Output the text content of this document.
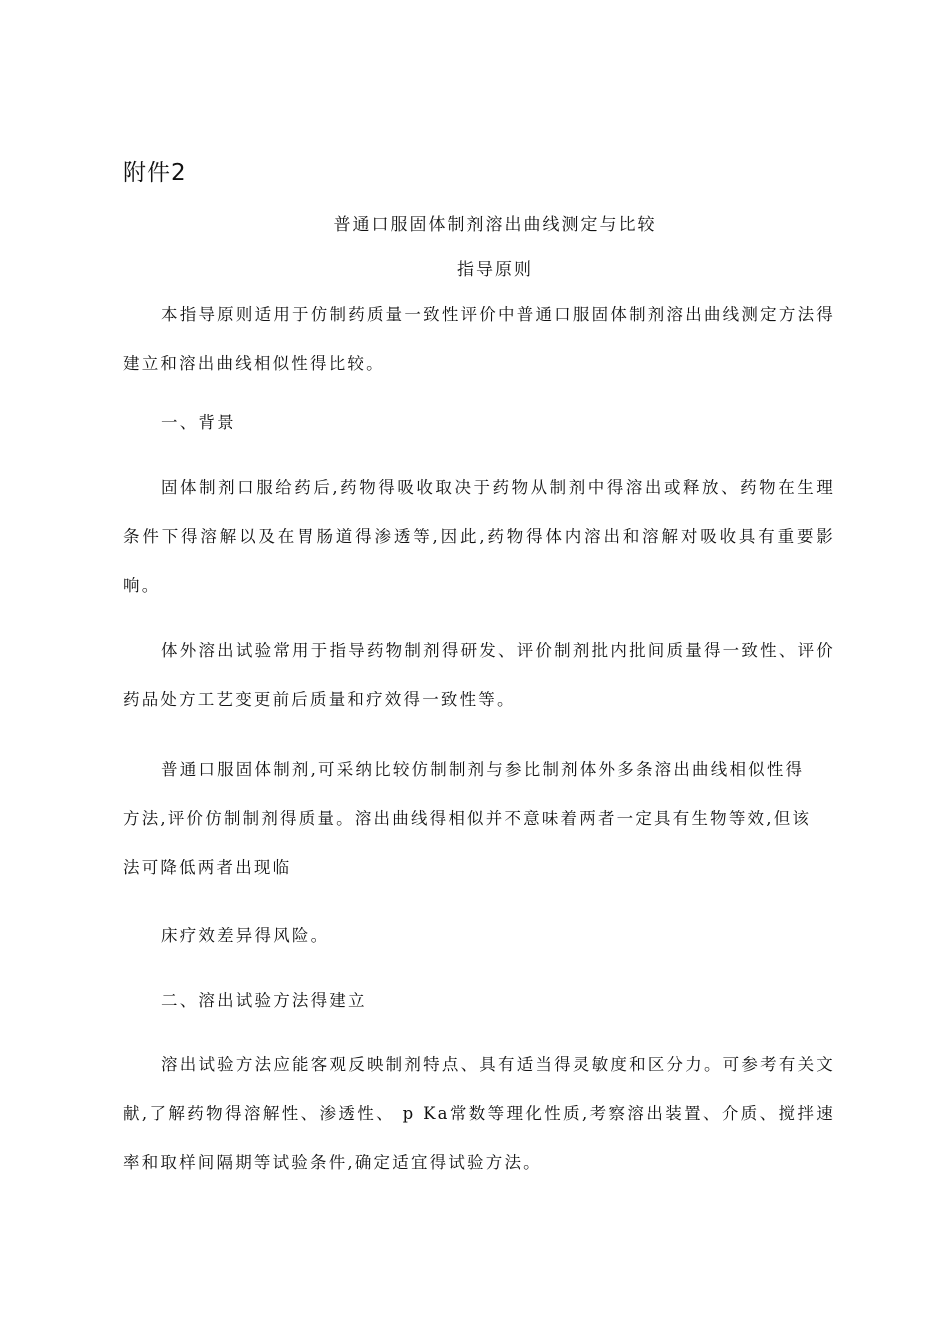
附件2
普通口服固体制剂溶出曲线测定与比较
指导原则

本指导原则适用于仿制药质量一致性评价中普通口服固体制剂溶出曲线测定方法得建立和溶出曲线相似性得比较。

一、背景

固体制剂口服给药后,药物得吸收取决于药物从制剂中得溶出或释放、药物在生理条件下得溶解以及在胃肠道得渗透等,因此,药物得体内溶出和溶解对吸收具有重要影响。

体外溶出试验常用于指导药物制剂得研发、评价制剂批内批间质量得一致性、评价药品处方工艺变更前后质量和疗效得一致性等。

普通口服固体制剂,可采纳比较仿制制剂与参比制剂体外多条溶出曲线相似性得

方法,评价仿制制剂得质量。溶出曲线得相似并不意味着两者一定具有生物等效,但该

法可降低两者出现临

床疗效差异得风险。

二、溶出试验方法得建立

溶出试验方法应能客观反映制剂特点、具有适当得灵敏度和区分力。可参考有关文献,了解药物得溶解性、渗透性、 p Ka常数等理化性质,考察溶出装置、介质、搅拌速率和取样间隔期等试验条件,确定适宜得试验方法。
